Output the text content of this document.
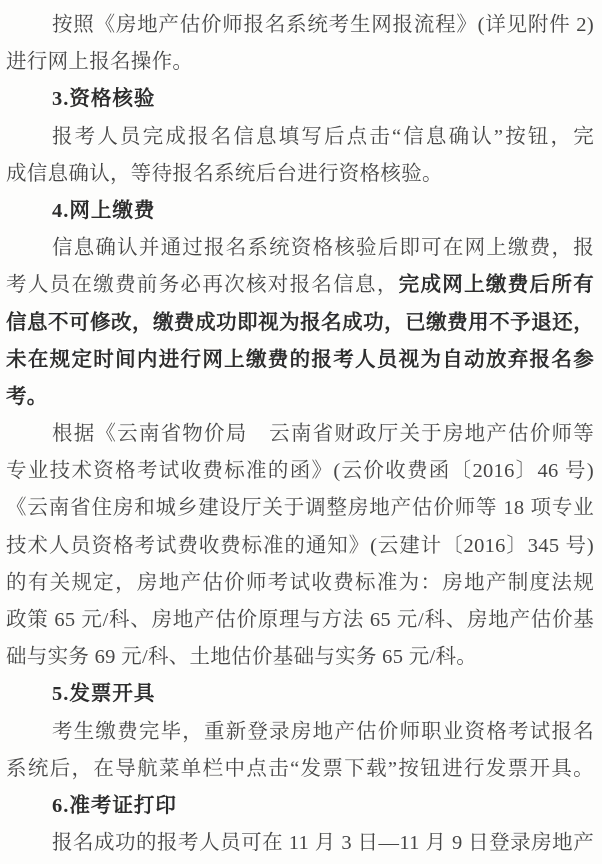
按照《房地产估价师报名系统考生网报流程》(详见附件 2)
进行网上报名操作。
3.资格核验
报考人员完成报名信息填写后点击“信息确认”按钮，完
成信息确认，等待报名系统后台进行资格核验。
4.网上缴费
信息确认并通过报名系统资格核验后即可在网上缴费，报
考人员在缴费前务必再次核对报名信息，完成网上缴费后所有
信息不可修改，缴费成功即视为报名成功，已缴费用不予退还，
未在规定时间内进行网上缴费的报考人员视为自动放弃报名参
考。
根据《云南省物价局　云南省财政厅关于房地产估价师等
专业技术资格考试收费标准的函》(云价收费函〔2016〕46 号)
《云南省住房和城乡建设厅关于调整房地产估价师等 18 项专业
技术人员资格考试费收费标准的通知》(云建计〔2016〕345 号)
的有关规定，房地产估价师考试收费标准为：房地产制度法规
政策 65 元/科、房地产估价原理与方法 65 元/科、房地产估价基
础与实务 69 元/科、土地估价基础与实务 65 元/科。
5.发票开具
考生缴费完毕，重新登录房地产估价师职业资格考试报名
系统后，在导航菜单栏中点击“发票下载”按钮进行发票开具。
6.准考证打印
报名成功的报考人员可在 11 月 3 日—11 月 9 日登录房地产
